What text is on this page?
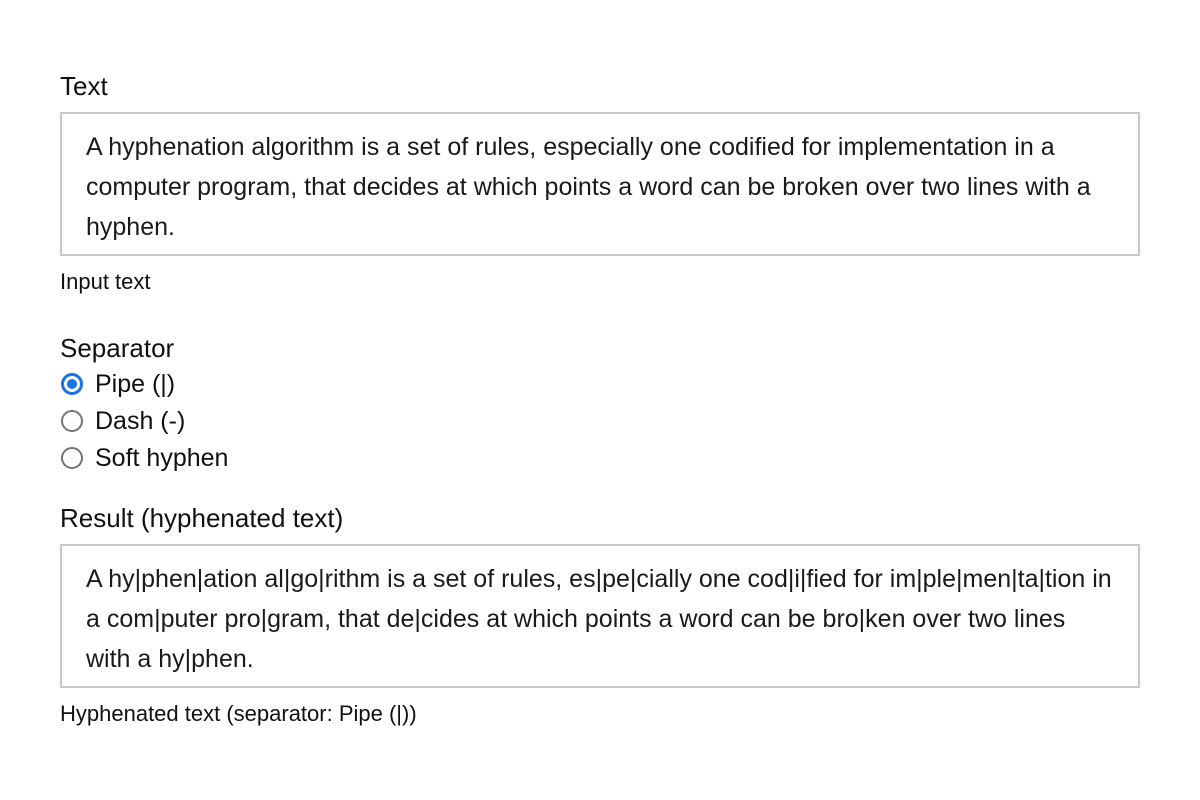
Text
A hyphenation algorithm is a set of rules, especially one codified for implementation in a computer program, that decides at which points a word can be broken over two lines with a hyphen.
Input text
Separator
Pipe (|)
Dash (-)
Soft hyphen
Result (hyphenated text)
A hy|phen|ation al|go|rithm is a set of rules, es|pe|cially one cod|i|fied for im|ple|men|ta|tion in a com|puter pro|gram, that de|cides at which points a word can be bro|ken over two lines with a hy|phen.
Hyphenated text (separator: Pipe (|))
